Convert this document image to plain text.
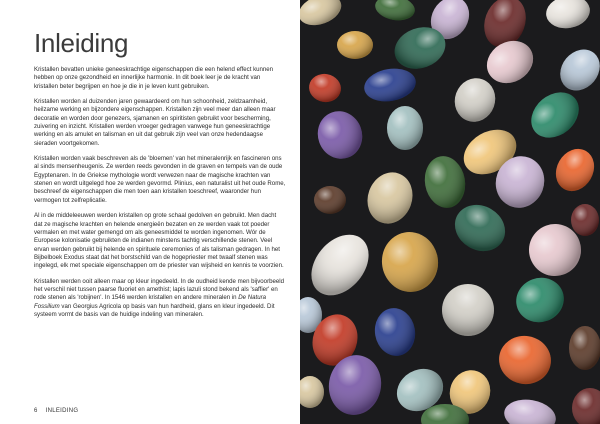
Inleiding

Kristallen bevatten unieke geneeskrachtige eigenschappen die een helend effect kunnen hebben op onze gezondheid en innerlijke harmonie. In dit boek leer je de kracht van kristallen beter begrijpen en hoe je die in je leven kunt gebruiken.

Kristallen worden al duizenden jaren gewaardeerd om hun schoonheid, zeldzaamheid, heilzame werking en bijzondere eigenschappen. Kristallen zijn veel meer dan alleen maar decoratie en worden door genezers, sjamanen en spiritisten gebruikt voor bescherming, zuivering en inzicht. Kristallen werden vroeger gedragen vanwege hun geneeskrachtige werking en als amulet en talisman en uit dat gebruik zijn veel van onze hedendaagse sieraden voortgekomen.

Kristallen worden vaak beschreven als de 'bloemen' van het mineralenrijk en fascineren ons al sinds mensenheugenis. Ze werden reeds gevonden in de graven en tempels van de oude Egyptenaren. In de Griekse mythologie wordt verwezen naar de magische krachten van stenen en wordt uitgelegd hoe ze werden gevormd. Plinius, een naturalist uit het oude Rome, beschreef de eigenschappen die men toen aan kristallen toeschreef, waaronder hun vermogen tot zelfreplicatie.

Al in de middeleeuwen werden kristallen op grote schaal gedolven en gebruikt. Men dacht dat ze magische krachten en helende energieën bezaten en ze werden vaak tot poeder vermalen en met water gemengd om als geneesmiddel te worden ingenomen. Wór de Europese kolonisatie gebruikten de indianen minstens tachtig verschillende stenen. Veel ervan werden gebruikt bij helende en spirituele ceremonies of als talisman gedragen. In het Bijbelboek Exodus staat dat het borstschild van de hogepriester met twaalf stenen was ingelegd, elk met speciale eigenschappen om de priester van wijsheid en kennis te voorzien.

Kristallen werden ooit alleen maar op kleur ingedeeld. In de oudheid kende men bijvoorbeeld het verschil niet tussen paarse fluoriet en amethist; lapis lazuli stond bekend als 'saffier' en rode stenen als 'robijnen'. In 1546 werden kristallen en andere mineralen in De Natura Fossilium van Georgius Agricola op basis van hun hardheid, glans en kleur ingedeeld. Dit systeem vormt de basis van de huidige indeling van mineralen.

6 INLEIDING
